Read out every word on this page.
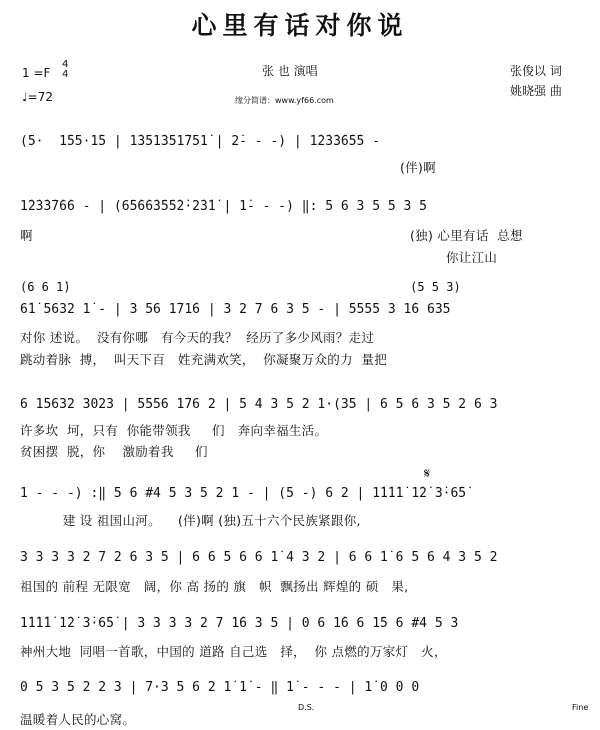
心里有话对你说
1 =F
4
4
♩=72
张 也 演唱
缘分简谱：www.yf66.com
张俊以 词
姚晓强 曲
(5·  1̇55·1̇5 | 1̇351̇351̇751̇ | 2̇- - -) | 1̇2̇3̇3̇6̇5̇5 -
(伴)啊
1̇2̇3̇3̇7̇6̇6 - | (6̇5̇6̇6̇3̇5̇5̇2̇·2̇3̇1̇ | 1̇- - -) ‖: 5 6 3 5 5 3 5
啊	(独) 心里有话  总想
(6 6 1̇)                                               (5 5 3)
你让江山
6̇1̇ 5632 1̇ - | 3 56 1̇71̇6 | 3 2 7 6 3 5 - | 5555 3 1̇6 635
对你 述说。  没有你哪   有今天的我？  经历了多少风雨？走过
跳动着脉  搏，  叫天下百   姓充满欢笑，  你凝聚万众的力  量把
6 1̇5632 3023 | 5556 1̇76 2 | 5 4 3 5 2 1·(35 | 6 5 6 3 5 2 6 3
许多坎  坷，只有  你能带领我     们   奔向幸福生活。
贫困摆  脱，你    激励着我     们
1 - - -) :‖ 5 6 #4 5 3 5 2 1 - | (5 -) 6 2 | 1̇1̇1̇1̇ 1̇2̇ 3̇·6̇5̇
建 设 祖国山河。    (伴)啊 (独)五十六个民族紧跟你,
𝄋
3 3 3 3 2 7 2 6 3 5 | 6 6 5 6 6 1̇ 4 3 2 | 6 6 1̇ 6 5 6 4 3 5 2
祖国的 前程 无限宽   阔，你 高 扬的 旗   帜  飘扬出 辉煌的 硕   果,
1̇1̇1̇1̇ 1̇2̇ 3̇·6̇5̇ | 3 3 3 3 2 7 1̇6 3 5 | 0 6 1̇6 6 1̇5 6 #4 5 3
神州大地  同唱一首歌，中国的 道路 自己选   择，  你 点燃的万家灯   火，
0 5 3 5 2 2 3 | 7·3 5 6 2 1̇ 1̇ - ‖ 1̇ - - - | 1̇ 0 0 0
温暖着人民的心窝。
D.S.	Fine
